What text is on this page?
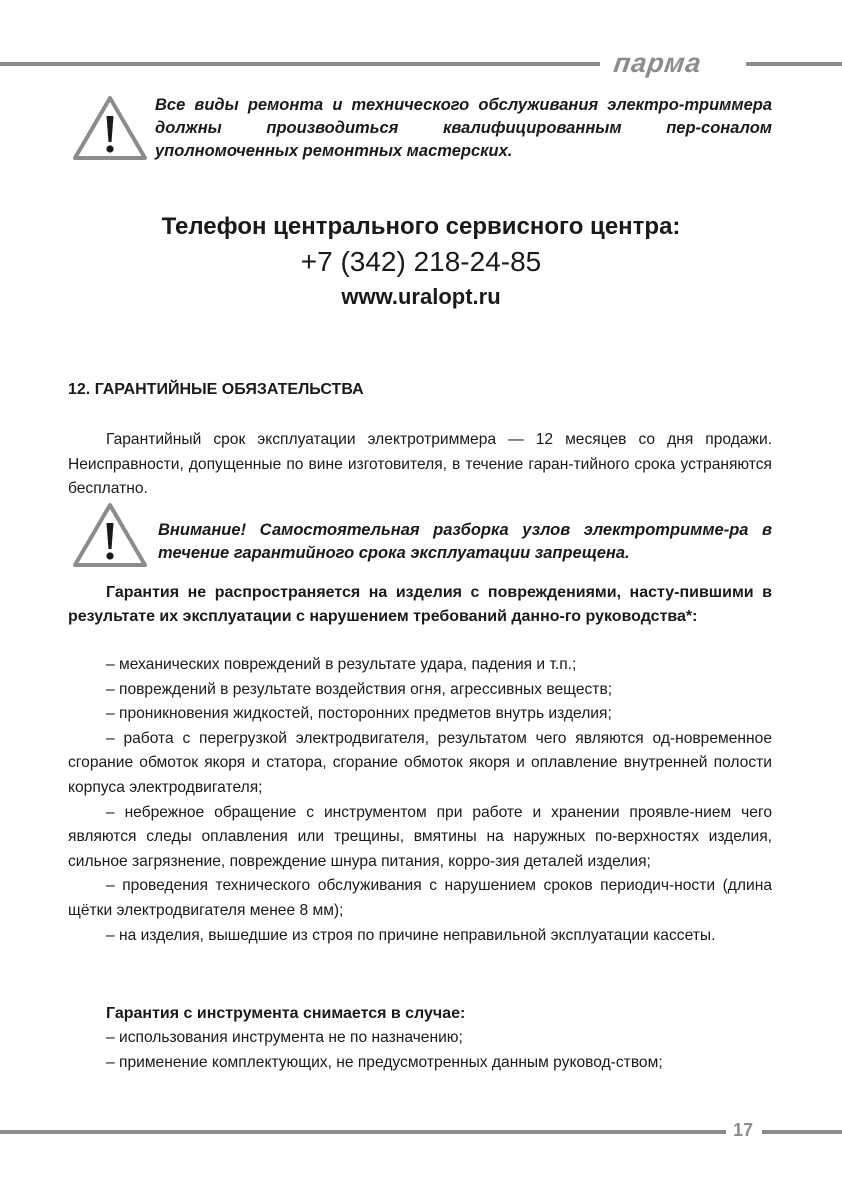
парма
Все виды ремонта и технического обслуживания электро-триммера должны производиться квалифицированным пер-соналом уполномоченных ремонтных мастерских.
Телефон центрального сервисного центра:
+7 (342) 218-24-85
www.uralopt.ru
12. ГАРАНТИЙНЫЕ ОБЯЗАТЕЛЬСТВА
Гарантийный срок эксплуатации электротриммера — 12 месяцев со дня продажи. Неисправности, допущенные по вине изготовителя, в течение гаран-тийного срока устраняются бесплатно.
Внимание! Самостоятельная разборка узлов электротримме-ра в течение гарантийного срока эксплуатации запрещена.
Гарантия не распространяется на изделия с повреждениями, насту-пившими в результате их эксплуатации с нарушением требований данно-го руководства*:
– механических повреждений в результате удара, падения и т.п.;
– повреждений в результате воздействия огня, агрессивных веществ;
– проникновения жидкостей, посторонних предметов внутрь изделия;
– работа с перегрузкой электродвигателя, результатом чего являются од-новременное сгорание обмоток якоря и статора, сгорание обмоток якоря и оплавление внутренней полости корпуса электродвигателя;
– небрежное обращение с инструментом при работе и хранении проявле-нием чего являются следы оплавления или трещины, вмятины на наружных по-верхностях изделия, сильное загрязнение, повреждение шнура питания, корро-зия деталей изделия;
– проведения технического обслуживания с нарушением сроков периодич-ности (длина щётки электродвигателя менее 8 мм);
– на изделия, вышедшие из строя по причине неправильной эксплуатации кассеты.
Гарантия с инструмента снимается в случае:
– использования инструмента не по назначению;
– применение комплектующих, не предусмотренных данным руковод-ством;
17
